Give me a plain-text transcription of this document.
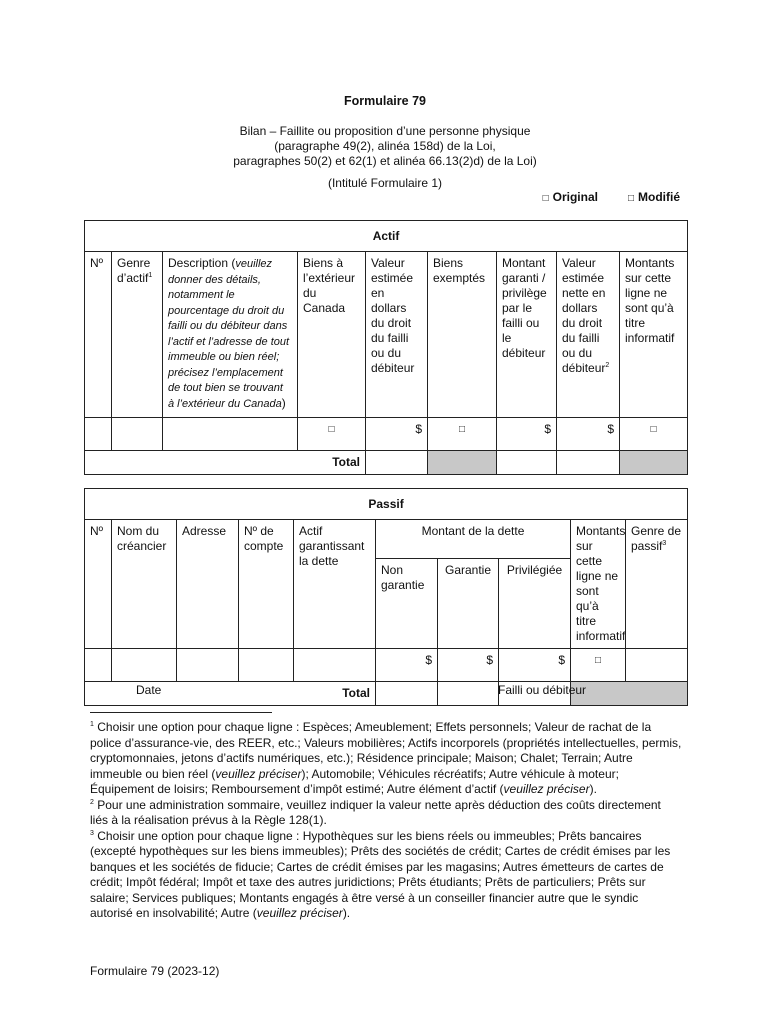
Formulaire 79
Bilan – Faillite ou proposition d’une personne physique
(paragraphe 49(2), alinéa 158d) de la Loi,
paragraphes 50(2) et 62(1) et alinéa 66.13(2)d) de la Loi)
(Intitulé Formulaire 1)
□ Original	□ Modifié
Actif								
Nº	Genre d’actif$^1$	Description (veuillez donner des détails, notamment le pourcentage du droit du failli ou du débiteur dans l’actif et l’adresse de tout immeuble ou bien réel; précisez l’emplacement de tout bien se trouvant à l’extérieur du Canada)	Biens à l’extérieur du Canada	Valeur estimée en dollars du droit du failli ou du débiteur	Biens exemptés	Montant garanti / privilège par le failli ou le débiteur	Valeur estimée nette en dollars du droit du failli ou du débiteur$^2$	Montants sur cette ligne ne sont qu’à titre informatif
			□	$	□	$	$	□
Total								
Passif									
Nº	Nom du créancier	Adresse	Nº de compte	Actif garantissant la dette	Montant de la dette			Montants sur cette ligne ne sont qu’à titre informatif	Genre de passif$^3$
					Non garantie	Garantie	Privilégiée		
					$	$	$	□	
Total									
Date	Failli ou débiteur

$^1$ Choisir une option pour chaque ligne : Espèces; Ameublement; Effets personnels; Valeur de rachat de la police d’assurance-vie, des REER, etc.; Valeurs mobilières; Actifs incorporels (propriétés intellectuelles, permis, cryptomonnaies, jetons d’actifs numériques, etc.); Résidence principale; Maison; Chalet; Terrain; Autre immeuble ou bien réel (veuillez préciser); Automobile; Véhicules récréatifs; Autre véhicule à moteur; Équipement de loisirs; Remboursement d’impôt estimé; Autre élément d’actif (veuillez préciser).

$^2$ Pour une administration sommaire, veuillez indiquer la valeur nette après déduction des coûts directement liés à la réalisation prévus à la Règle 128(1).

$^3$ Choisir une option pour chaque ligne : Hypothèques sur les biens réels ou immeubles; Prêts bancaires (excepté hypothèques sur les biens immeubles); Prêts des sociétés de crédit; Cartes de crédit émises par les banques et les sociétés de fiducie; Cartes de crédit émises par les magasins; Autres émetteurs de cartes de crédit; Impôt fédéral; Impôt et taxe des autres juridictions; Prêts étudiants; Prêts de particuliers; Prêts sur salaire; Services publiques; Montants engagés à être versé à un conseiller financier autre que le syndic autorisé en insolvabilité; Autre (veuillez préciser).

Formulaire 79 (2023-12)
